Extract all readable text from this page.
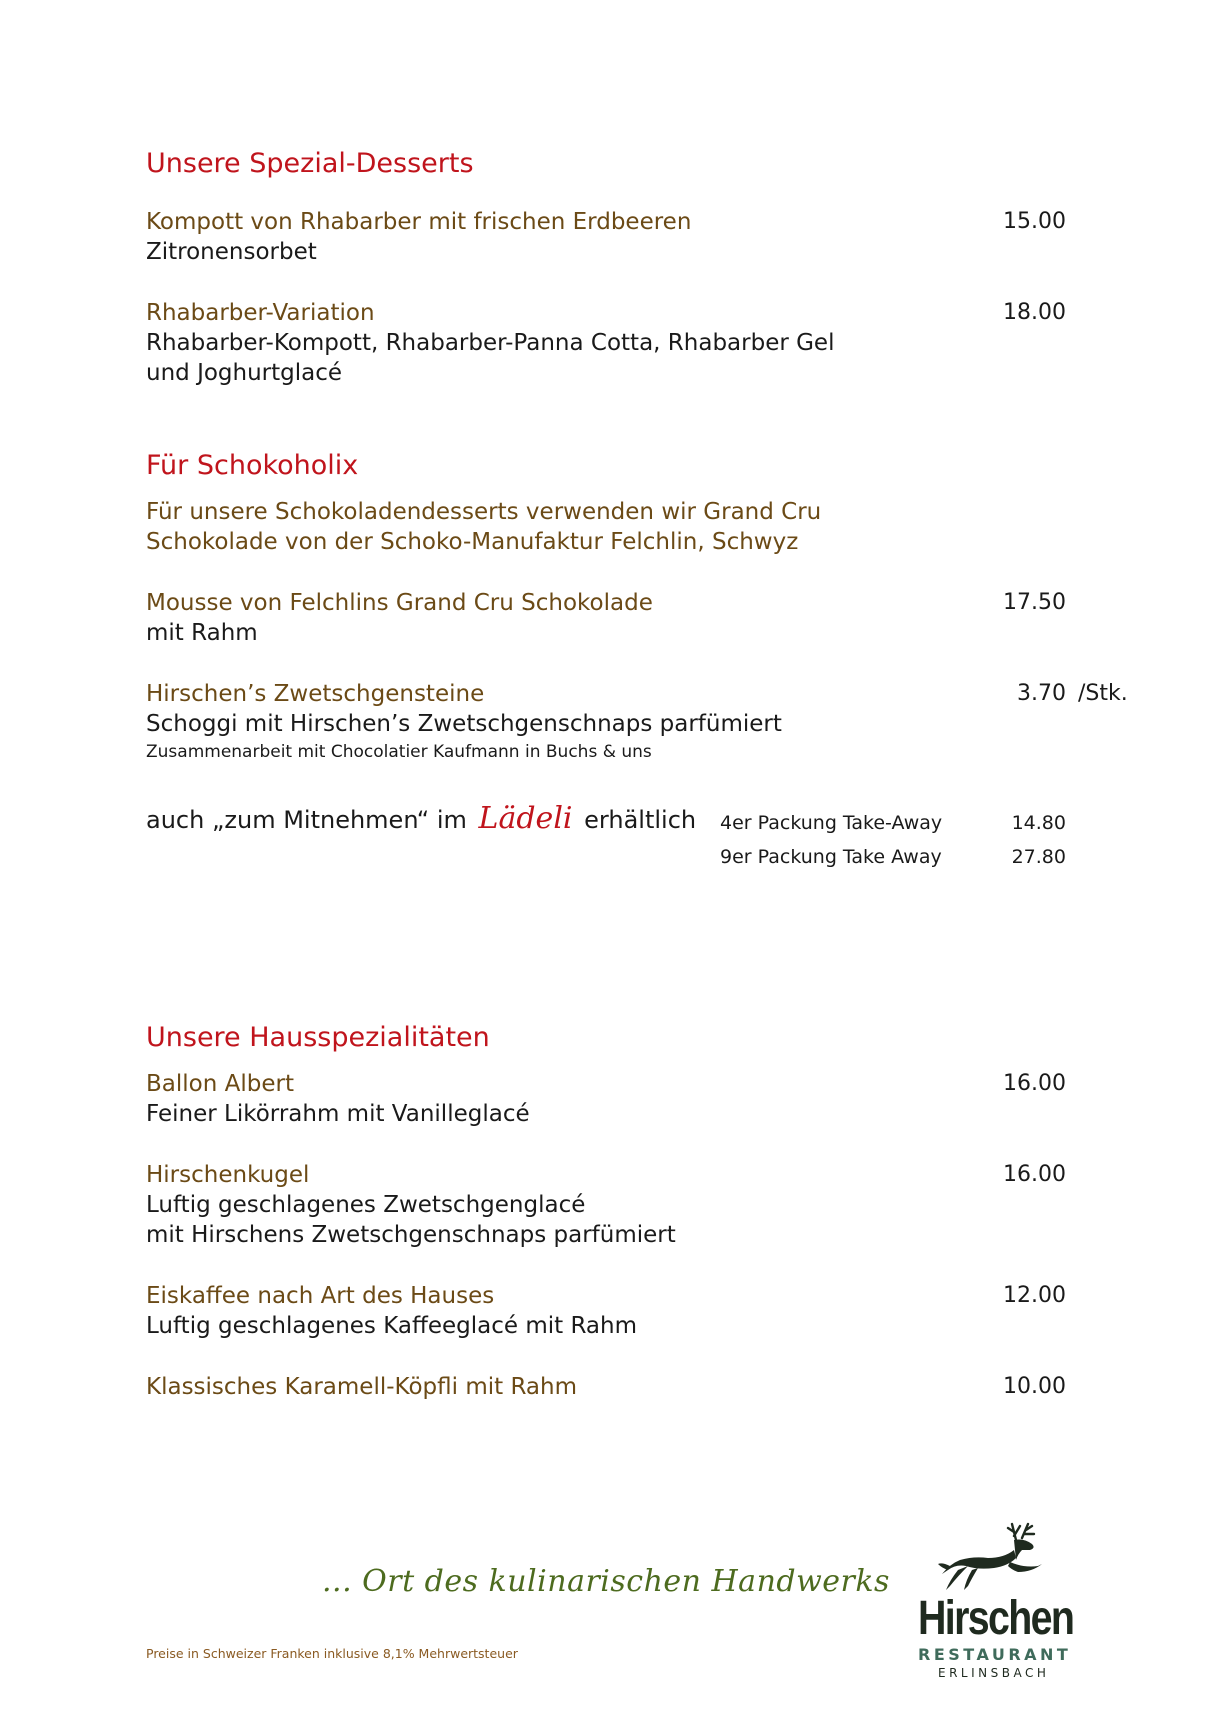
Unsere Spezial-Desserts
Kompott von Rhabarber mit frischen Erdbeeren	15.00
Zitronensorbet
Rhabarber-Variation	18.00
Rhabarber-Kompott, Rhabarber-Panna Cotta, Rhabarber Gel
und Joghurtglacé
Für Schokoholix
Für unsere Schokoladendesserts verwenden wir Grand Cru
Schokolade von der Schoko-Manufaktur Felchlin, Schwyz
Mousse von Felchlins Grand Cru Schokolade	17.50
mit Rahm
Hirschen’s Zwetschgensteine	3.70 /Stk.
Schoggi mit Hirschen’s Zwetschgenschnaps parfümiert
Zusammenarbeit mit Chocolatier Kaufmann in Buchs & uns
auch „zum Mitnehmen“ im Lädeli erhältlich 4er Packung Take-Away	14.80
9er Packung Take Away	27.80
Unsere Hausspezialitäten
Ballon Albert	16.00
Feiner Likörrahm mit Vanilleglacé
Hirschenkugel	16.00
Luftig geschlagenes Zwetschgenglacé
mit Hirschens Zwetschgenschnaps parfümiert
Eiskaffee nach Art des Hauses	12.00
Luftig geschlagenes Kaffeeglacé mit Rahm
Klassisches Karamell-Köpfli mit Rahm	10.00
... Ort des kulinarischen Handwerks
Preise in Schweizer Franken inklusive 8,1% Mehrwertsteuer
Hirschen
RESTAURANT
ERLINSBACH
